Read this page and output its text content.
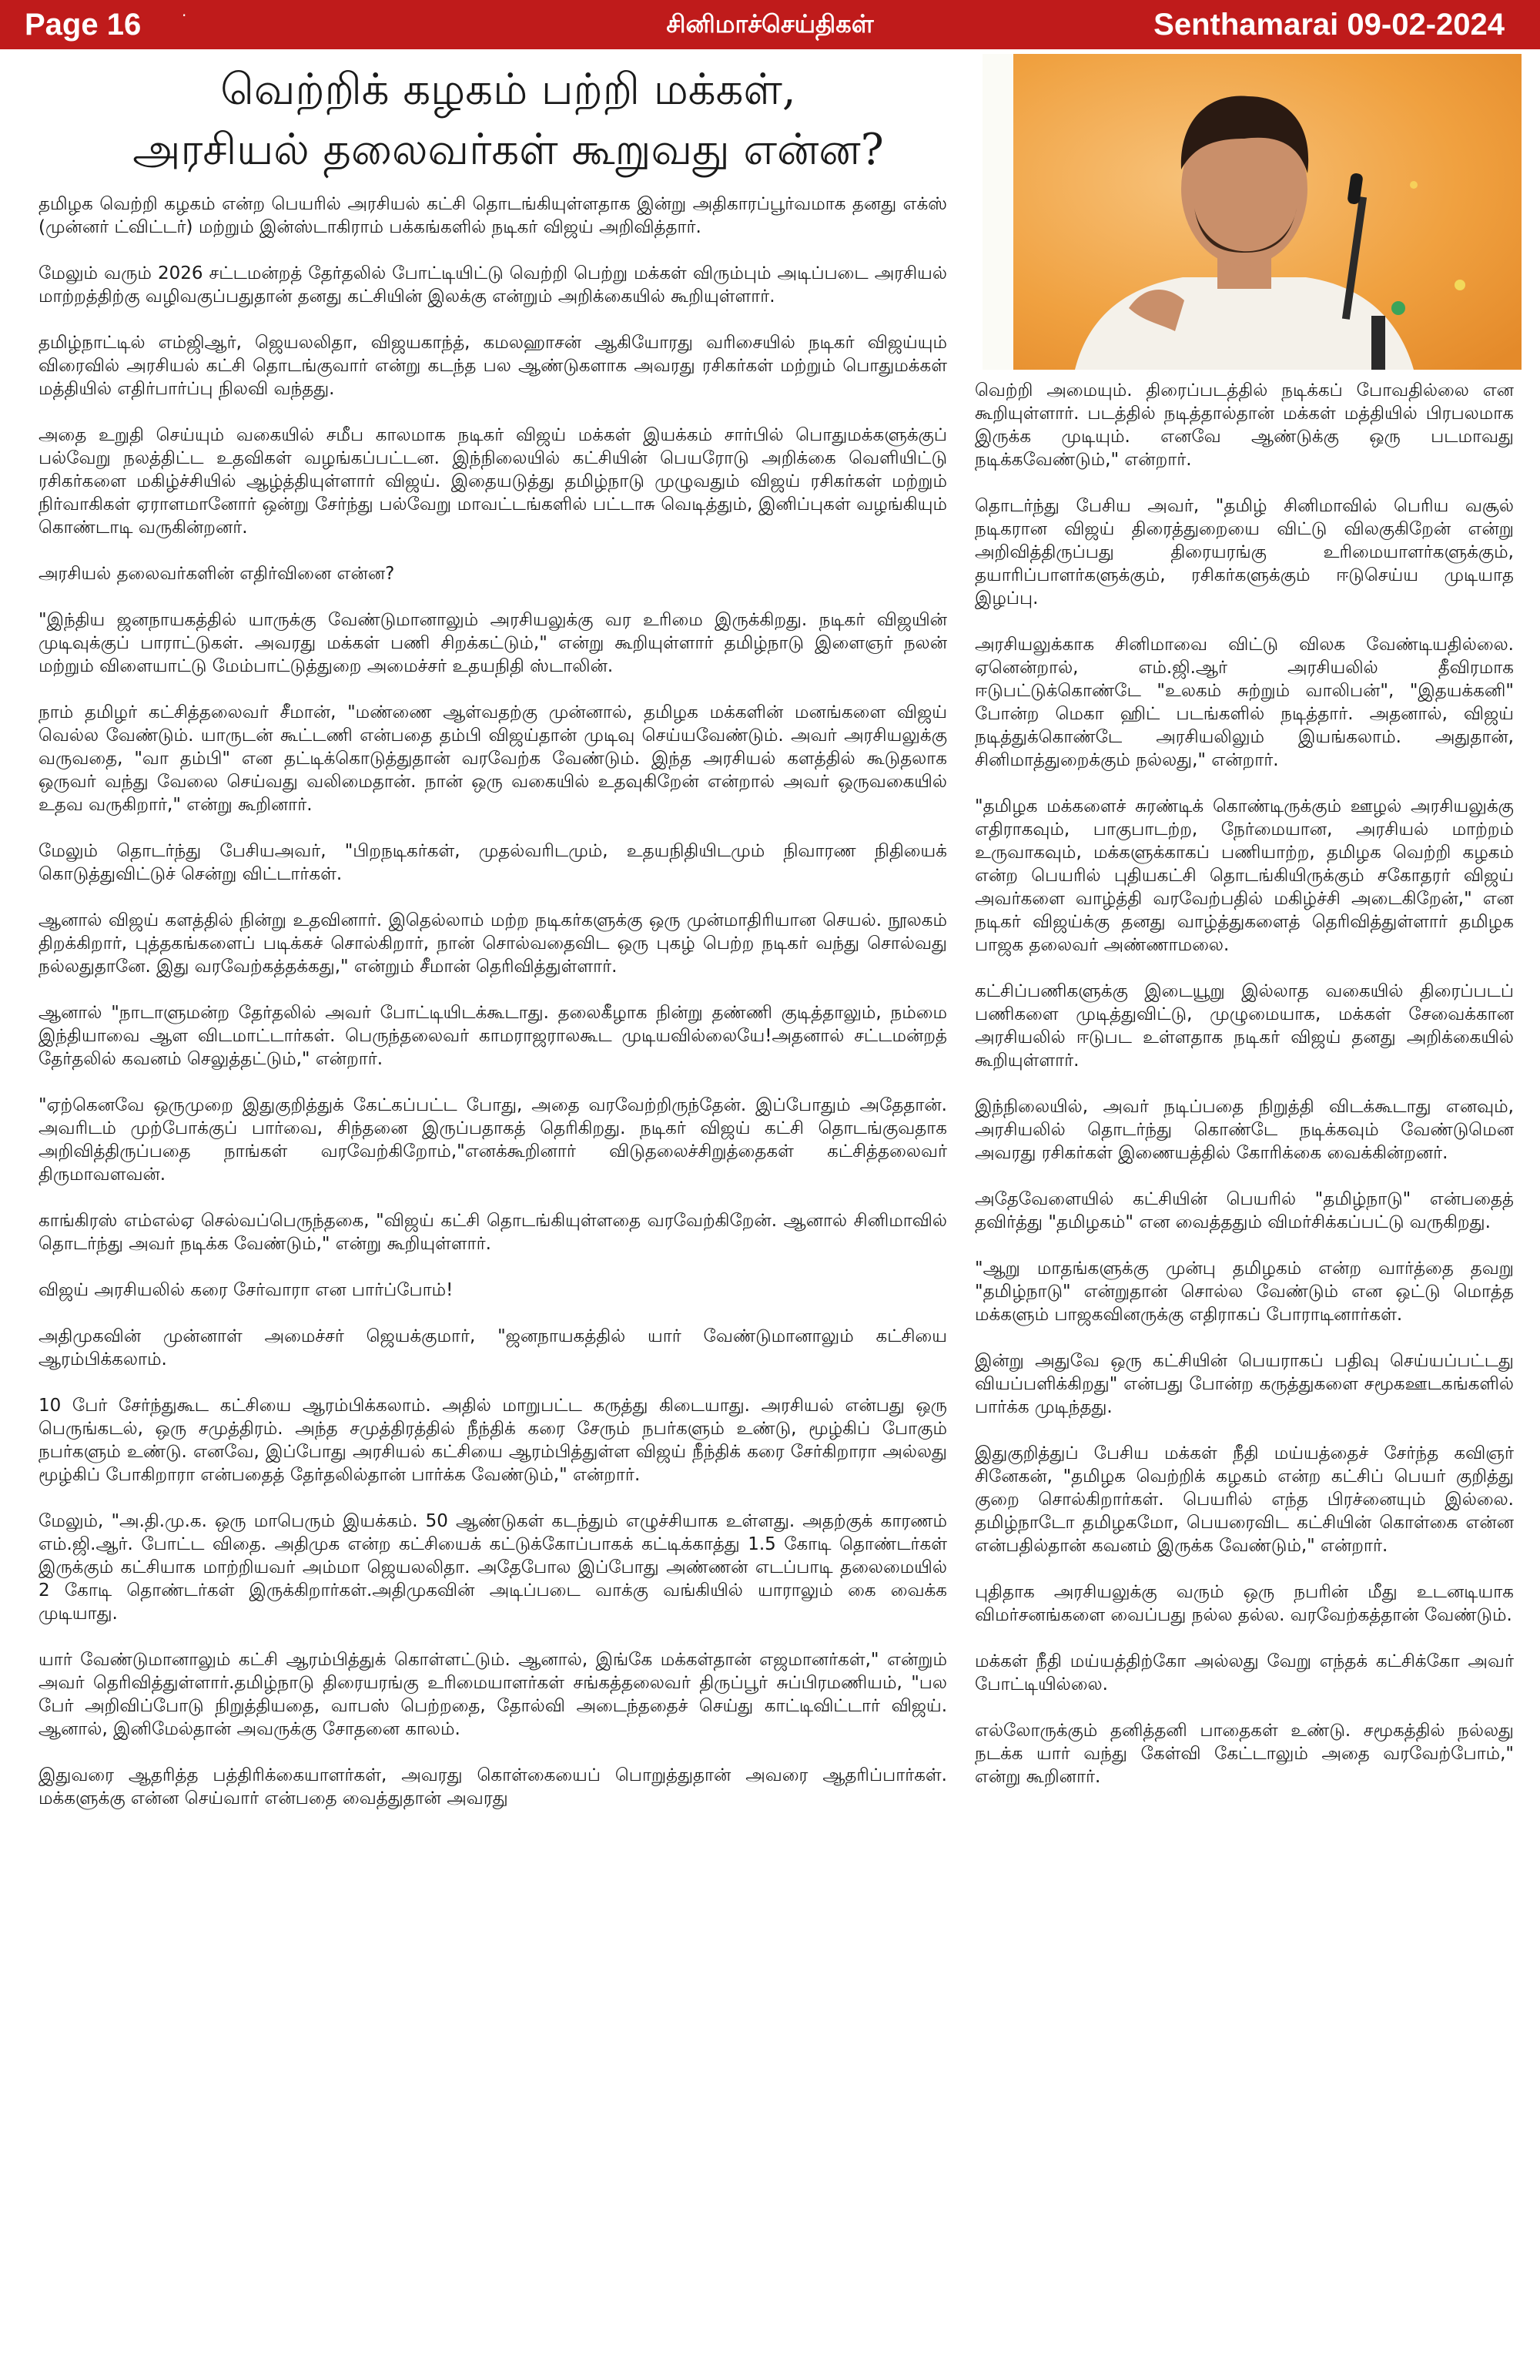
Page 16	·	சினிமாச்செய்திகள்	Senthamarai 09-02-2024
வெற்றிக் கழகம் பற்றி மக்கள்,
அரசியல் தலைவர்கள் கூறுவது என்ன?

தமிழக வெற்றி கழகம் என்ற பெயரில் அரசியல் கட்சி தொடங்கியுள்ளதாக இன்று அதிகாரப்பூர்வமாக தனது எக்ஸ் (முன்னர் ட்விட்டர்) மற்றும் இன்ஸ்டாகிராம் பக்கங்களில் நடிகர் விஜய் அறிவித்தார்.

மேலும் வரும் 2026 சட்டமன்றத் தேர்தலில் போட்டியிட்டு வெற்றி பெற்று மக்கள் விரும்பும் அடிப்படை அரசியல் மாற்றத்திற்கு வழிவகுப்பதுதான் தனது கட்சியின் இலக்கு என்றும் அறிக்கையில் கூறியுள்ளார்.

தமிழ்நாட்டில் எம்ஜிஆர், ஜெயலலிதா, விஜயகாந்த், கமலஹாசன் ஆகியோரது வரிசையில் நடிகர் விஜய்யும் விரைவில் அரசியல் கட்சி தொடங்குவார் என்று கடந்த பல ஆண்டுகளாக அவரது ரசிகர்கள் மற்றும் பொதுமக்கள் மத்தியில் எதிர்பார்ப்பு நிலவி வந்தது.

அதை உறுதி செய்யும் வகையில் சமீப காலமாக நடிகர் விஜய் மக்கள் இயக்கம் சார்பில் பொதுமக்களுக்குப் பல்வேறு நலத்திட்ட உதவிகள் வழங்கப்பட்டன. இந்நிலையில் கட்சியின் பெயரோடு அறிக்கை வெளியிட்டு ரசிகர்களை மகிழ்ச்சியில் ஆழ்த்தியுள்ளார் விஜய். இதையடுத்து தமிழ்நாடு முழுவதும் விஜய் ரசிகர்கள் மற்றும் நிர்வாகிகள் ஏராளமானோர் ஒன்று சேர்ந்து பல்வேறு மாவட்டங்களில் பட்டாசு வெடித்தும், இனிப்புகள் வழங்கியும் கொண்டாடி வருகின்றனர்.

அரசியல் தலைவர்களின் எதிர்வினை என்ன?

"இந்திய ஜனநாயகத்தில் யாருக்கு வேண்டுமானாலும் அரசியலுக்கு வர உரிமை இருக்கிறது. நடிகர் விஜயின் முடிவுக்குப் பாராட்டுகள். அவரது மக்கள் பணி சிறக்கட்டும்," என்று கூறியுள்ளார் தமிழ்நாடு இளைஞர் நலன் மற்றும் விளையாட்டு மேம்பாட்டுத்துறை அமைச்சர் உதயநிதி ஸ்டாலின்.

நாம் தமிழர் கட்சித்தலைவர் சீமான், "மண்ணை ஆள்வதற்கு முன்னால், தமிழக மக்களின் மனங்களை விஜய் வெல்ல வேண்டும். யாருடன் கூட்டணி என்பதை தம்பி விஜய்தான் முடிவு செய்யவேண்டும். அவர் அரசியலுக்கு வருவதை, "வா தம்பி" என தட்டிக்கொடுத்துதான் வரவேற்க வேண்டும். இந்த அரசியல் களத்தில் கூடுதலாக ஒருவர் வந்து வேலை செய்வது வலிமைதான். நான் ஒரு வகையில் உதவுகிறேன் என்றால் அவர் ஒருவகையில் உதவ வருகிறார்," என்று கூறினார்.

மேலும் தொடர்ந்து பேசியஅவர், "பிறநடிகர்கள், முதல்வரிடமும், உதயநிதியிடமும் நிவாரண நிதியைக் கொடுத்துவிட்டுச் சென்று விட்டார்கள்.

ஆனால் விஜய் களத்தில் நின்று உதவினார். இதெல்லாம் மற்ற நடிகர்களுக்கு ஒரு முன்மாதிரியான செயல். நூலகம் திறக்கிறார், புத்தகங்களைப் படிக்கச் சொல்கிறார், நான் சொல்வதைவிட ஒரு புகழ் பெற்ற நடிகர் வந்து சொல்வது நல்லதுதானே. இது வரவேற்கத்தக்கது," என்றும் சீமான் தெரிவித்துள்ளார்.

ஆனால் "நாடாளுமன்ற தேர்தலில் அவர் போட்டியிடக்கூடாது. தலைகீழாக நின்று தண்ணி குடித்தாலும், நம்மை இந்தியாவை ஆள விடமாட்டார்கள். பெருந்தலைவர் காமராஜராலகூட முடியவில்லையே!அதனால் சட்டமன்றத் தேர்தலில் கவனம் செலுத்தட்டும்," என்றார்.

"ஏற்கெனவே ஒருமுறை இதுகுறித்துக் கேட்கப்பட்ட போது, அதை வரவேற்றிருந்தேன். இப்போதும் அதேதான். அவரிடம் முற்போக்குப் பார்வை, சிந்தனை இருப்பதாகத் தெரிகிறது. நடிகர் விஜய் கட்சி தொடங்குவதாக அறிவித்திருப்பதை நாங்கள் வரவேற்கிறோம்,"எனக்கூறினார் விடுதலைச்சிறுத்தைகள் கட்சித்தலைவர் திருமாவளவன்.

காங்கிரஸ் எம்எல்ஏ செல்வப்பெருந்தகை, "விஜய் கட்சி தொடங்கியுள்ளதை வரவேற்கிறேன். ஆனால் சினிமாவில் தொடர்ந்து அவர் நடிக்க வேண்டும்," என்று கூறியுள்ளார்.

விஜய் அரசியலில் கரை சேர்வாரா என பார்ப்போம்!

அதிமுகவின் முன்னாள் அமைச்சர் ஜெயக்குமார், "ஜனநாயகத்தில் யார் வேண்டுமானாலும் கட்சியை ஆரம்பிக்கலாம்.

10 பேர் சேர்ந்துகூட கட்சியை ஆரம்பிக்கலாம். அதில் மாறுபட்ட கருத்து கிடையாது. அரசியல் என்பது ஒரு பெருங்கடல், ஒரு சமுத்திரம். அந்த சமுத்திரத்தில் நீந்திக் கரை சேரும் நபர்களும் உண்டு, மூழ்கிப் போகும் நபர்களும் உண்டு. எனவே, இப்போது அரசியல் கட்சியை ஆரம்பித்துள்ள விஜய் நீந்திக் கரை சேர்கிறாரா அல்லது மூழ்கிப் போகிறாரா என்பதைத் தேர்தலில்தான் பார்க்க வேண்டும்," என்றார்.

மேலும், "அ.தி.மு.க. ஒரு மாபெரும் இயக்கம். 50 ஆண்டுகள் கடந்தும் எழுச்சியாக உள்ளது. அதற்குக் காரணம் எம்.ஜி.ஆர். போட்ட விதை. அதிமுக என்ற கட்சியைக் கட்டுக்கோப்பாகக் கட்டிக்காத்து 1.5 கோடி தொண்டர்கள் இருக்கும் கட்சியாக மாற்றியவர் அம்மா ஜெயலலிதா. அதேபோல இப்போது அண்ணன் எடப்பாடி தலைமையில் 2 கோடி தொண்டர்கள் இருக்கிறார்கள்.அதிமுகவின் அடிப்படை வாக்கு வங்கியில் யாராலும் கை வைக்க முடியாது.

யார் வேண்டுமானாலும் கட்சி ஆரம்பித்துக் கொள்ளட்டும். ஆனால், இங்கே மக்கள்தான் எஜமானர்கள்," என்றும் அவர் தெரிவித்துள்ளார்.தமிழ்நாடு திரையரங்கு உரிமையாளர்கள் சங்கத்தலைவர் திருப்பூர் சுப்பிரமணியம், "பல பேர் அறிவிப்போடு நிறுத்தியதை, வாபஸ் பெற்றதை, தோல்வி அடைந்ததைச் செய்து காட்டிவிட்டார் விஜய். ஆனால், இனிமேல்தான் அவருக்கு சோதனை காலம்.

இதுவரை ஆதரித்த பத்திரிக்கையாளர்கள், அவரது கொள்கையைப் பொறுத்துதான் அவரை ஆதரிப்பார்கள். மக்களுக்கு என்ன செய்வார் என்பதை வைத்துதான் அவரது

வெற்றி அமையும். திரைப்படத்தில் நடிக்கப் போவதில்லை என கூறியுள்ளார். படத்தில் நடித்தால்தான் மக்கள் மத்தியில் பிரபலமாக இருக்க முடியும். எனவே ஆண்டுக்கு ஒரு படமாவது நடிக்கவேண்டும்," என்றார்.

தொடர்ந்து பேசிய அவர், "தமிழ் சினிமாவில் பெரிய வசூல் நடிகரான விஜய் திரைத்துறையை விட்டு விலகுகிறேன் என்று அறிவித்திருப்பது திரையரங்கு உரிமையாளர்களுக்கும், தயாரிப்பாளர்களுக்கும், ரசிகர்களுக்கும் ஈடுசெய்ய முடியாத இழப்பு.

அரசியலுக்காக சினிமாவை விட்டு விலக வேண்டியதில்லை. ஏனென்றால், எம்.ஜி.ஆர் அரசியலில் தீவிரமாக ஈடுபட்டுக்கொண்டே "உலகம் சுற்றும் வாலிபன்", "இதயக்கனி" போன்ற மெகா ஹிட் படங்களில் நடித்தார். அதனால், விஜய் நடித்துக்கொண்டே அரசியலிலும் இயங்கலாம். அதுதான், சினிமாத்துறைக்கும் நல்லது," என்றார்.

"தமிழக மக்களைச் சுரண்டிக் கொண்டிருக்கும் ஊழல் அரசியலுக்கு எதிராகவும், பாகுபாடற்ற, நேர்மையான, அரசியல் மாற்றம் உருவாகவும், மக்களுக்காகப் பணியாற்ற, தமிழக வெற்றி கழகம் என்ற பெயரில் புதியகட்சி தொடங்கியிருக்கும் சகோதரர் விஜய் அவர்களை வாழ்த்தி வரவேற்பதில் மகிழ்ச்சி அடைகிறேன்," என நடிகர் விஜய்க்கு தனது வாழ்த்துகளைத் தெரிவித்துள்ளார் தமிழக பாஜக தலைவர் அண்ணாமலை.

கட்சிப்பணிகளுக்கு இடையூறு இல்லாத வகையில் திரைப்படப் பணிகளை முடித்துவிட்டு, முழுமையாக, மக்கள் சேவைக்கான அரசியலில் ஈடுபட உள்ளதாக நடிகர் விஜய் தனது அறிக்கையில் கூறியுள்ளார்.

இந்நிலையில், அவர் நடிப்பதை நிறுத்தி விடக்கூடாது எனவும், அரசியலில் தொடர்ந்து கொண்டே நடிக்கவும் வேண்டுமென அவரது ரசிகர்கள் இணையத்தில் கோரிக்கை வைக்கின்றனர்.

அதேவேளையில் கட்சியின் பெயரில் "தமிழ்நாடு" என்பதைத் தவிர்த்து "தமிழகம்" என வைத்ததும் விமர்சிக்கப்பட்டு வருகிறது.

"ஆறு மாதங்களுக்கு முன்பு தமிழகம் என்ற வார்த்தை தவறு "தமிழ்நாடு" என்றுதான் சொல்ல வேண்டும் என ஒட்டு மொத்த மக்களும் பாஜகவினருக்கு எதிராகப் போராடினார்கள்.

இன்று அதுவே ஒரு கட்சியின் பெயராகப் பதிவு செய்யப்பட்டது வியப்பளிக்கிறது" என்பது போன்ற கருத்துகளை சமூகஊடகங்களில் பார்க்க முடிந்தது.

இதுகுறித்துப் பேசிய மக்கள் நீதி மய்யத்தைச் சேர்ந்த கவிஞர் சினேகன், "தமிழக வெற்றிக் கழகம் என்ற கட்சிப் பெயர் குறித்து குறை சொல்கிறார்கள். பெயரில் எந்த பிரச்னையும் இல்லை. தமிழ்நாடோ தமிழகமோ, பெயரைவிட கட்சியின் கொள்கை என்ன என்பதில்தான் கவனம் இருக்க வேண்டும்," என்றார்.

புதிதாக அரசியலுக்கு வரும் ஒரு நபரின் மீது உடனடியாக விமர்சனங்களை வைப்பது நல்ல தல்ல. வரவேற்கத்தான் வேண்டும்.

மக்கள் நீதி மய்யத்திற்கோ அல்லது வேறு எந்தக் கட்சிக்கோ அவர் போட்டியில்லை.

எல்லோருக்கும் தனித்தனி பாதைகள் உண்டு. சமூகத்தில் நல்லது நடக்க யார் வந்து கேள்வி கேட்டாலும் அதை வரவேற்போம்," என்று கூறினார்.
